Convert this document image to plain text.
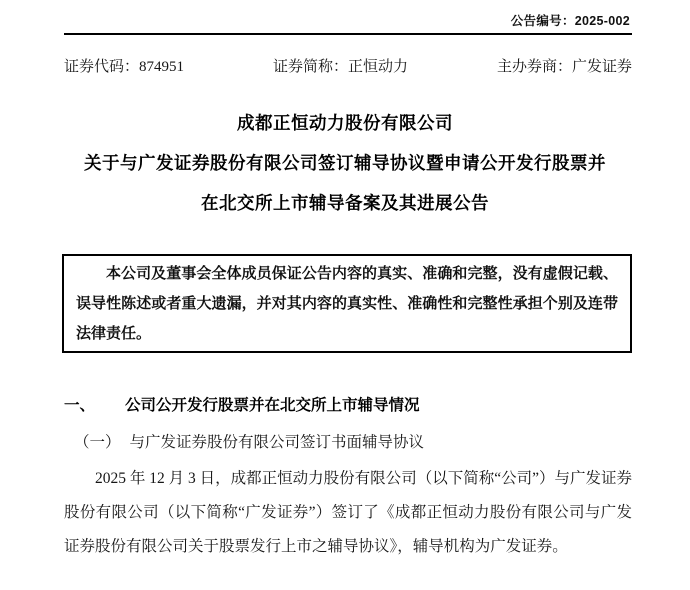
公告编号：2025-002
证券代码：874951	证券简称：正恒动力	主办券商：广发证券
成都正恒动力股份有限公司
关于与广发证券股份有限公司签订辅导协议暨申请公开发行股票并
在北交所上市辅导备案及其进展公告

本公司及董事会全体成员保证公告内容的真实、准确和完整，没有虚假记载、误导性陈述或者重大遗漏，并对其内容的真实性、准确性和完整性承担个别及连带法律责任。

一、 公司公开发行股票并在北交所上市辅导情况
（一） 与广发证券股份有限公司签订书面辅导协议

2025 年 12 月 3 日，成都正恒动力股份有限公司（以下简称“公司”）与广发证券股份有限公司（以下简称“广发证券”）签订了《成都正恒动力股份有限公司与广发证券股份有限公司关于股票发行上市之辅导协议》，辅导机构为广发证券。
